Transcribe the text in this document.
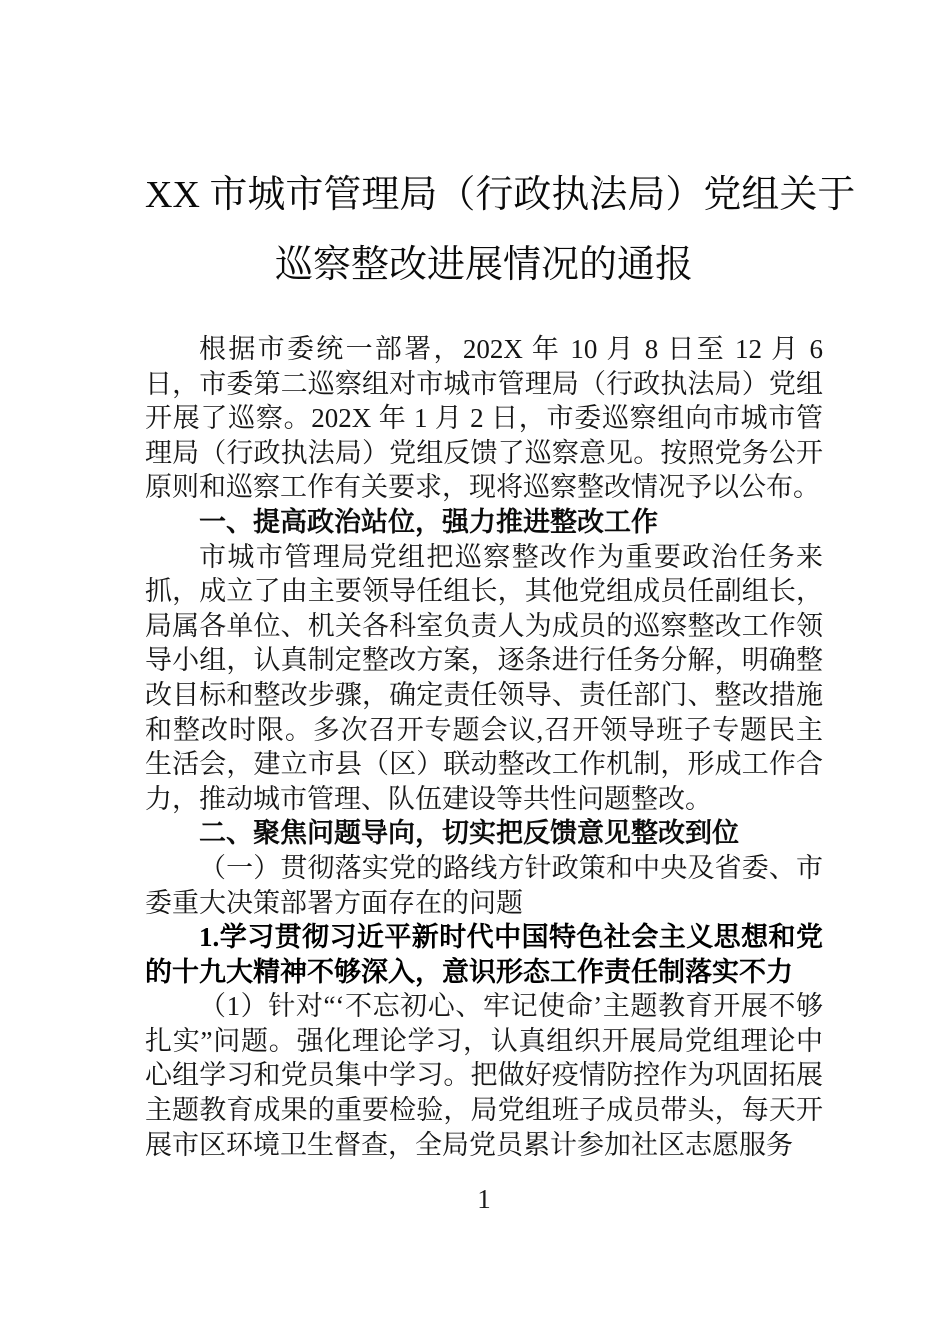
XX 市城市管理局（行政执法局）党组关于
巡察整改进展情况的通报
根据市委统一部署，202X 年 10 月 8 日至 12 月 6 日，市委第二巡察组对市城市管理局（行政执法局）党组开展了巡察。202X 年 1 月 2 日，市委巡察组向市城市管理局（行政执法局）党组反馈了巡察意见。按照党务公开原则和巡察工作有关要求，现将巡察整改情况予以公布。
一、提高政治站位，强力推进整改工作
市城市管理局党组把巡察整改作为重要政治任务来抓，成立了由主要领导任组长，其他党组成员任副组长，局属各单位、机关各科室负责人为成员的巡察整改工作领导小组，认真制定整改方案，逐条进行任务分解，明确整改目标和整改步骤，确定责任领导、责任部门、整改措施和整改时限。多次召开专题会议,召开领导班子专题民主生活会，建立市县（区）联动整改工作机制，形成工作合力，推动城市管理、队伍建设等共性问题整改。
二、聚焦问题导向，切实把反馈意见整改到位
（一）贯彻落实党的路线方针政策和中央及省委、市委重大决策部署方面存在的问题
1.学习贯彻习近平新时代中国特色社会主义思想和党的十九大精神不够深入，意识形态工作责任制落实不力
（1）针对“‘不忘初心、牢记使命’主题教育开展不够扎实”问题。强化理论学习，认真组织开展局党组理论中心组学习和党员集中学习。把做好疫情防控作为巩固拓展主题教育成果的重要检验，局党组班子成员带头，每天开展市区环境卫生督查，全局党员累计参加社区志愿服务
1
